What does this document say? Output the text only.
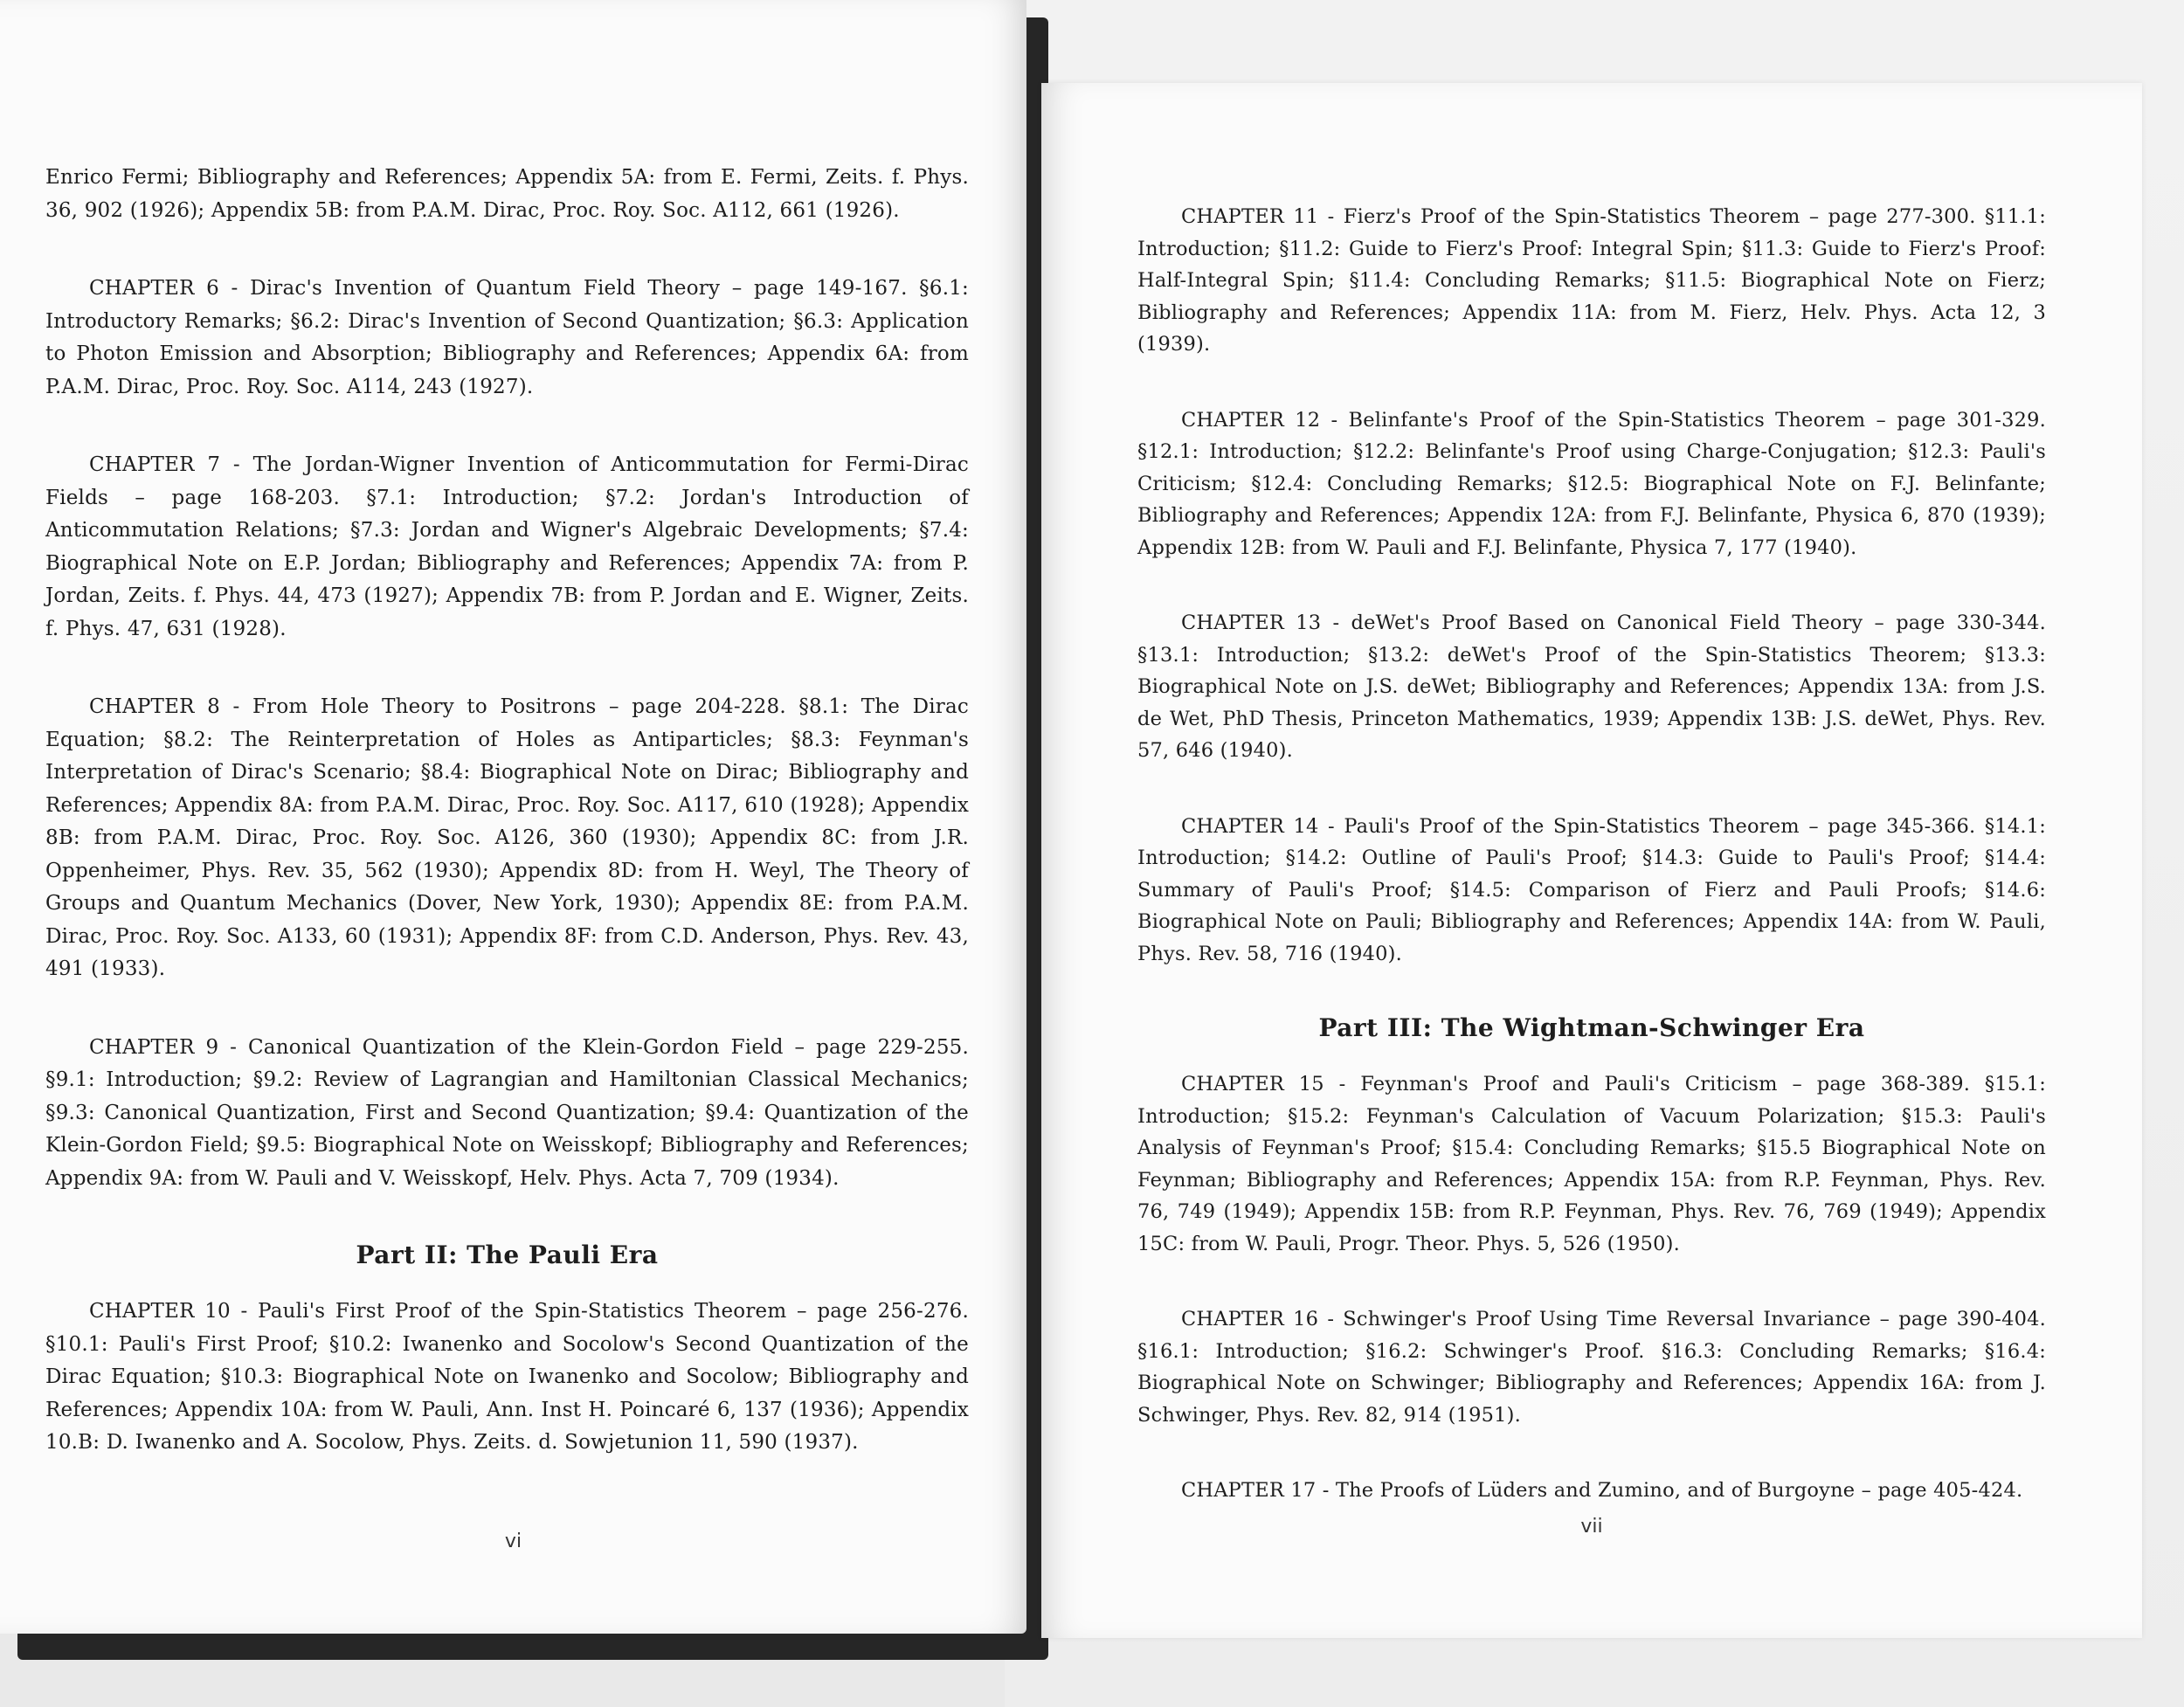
Enrico Fermi; Bibliography and References; Appendix 5A: from E. Fermi, Zeits. f. Phys. 36, 902 (1926); Appendix 5B: from P.A.M. Dirac, Proc. Roy. Soc. A112, 661 (1926).

CHAPTER 6 - Dirac's Invention of Quantum Field Theory – page 149-167. §6.1: Introductory Remarks; §6.2: Dirac's Invention of Second Quantization; §6.3: Application to Photon Emission and Absorption; Bibliography and References; Appendix 6A: from P.A.M. Dirac, Proc. Roy. Soc. A114, 243 (1927).

CHAPTER 7 - The Jordan-Wigner Invention of Anticommutation for Fermi-Dirac Fields – page 168-203. §7.1: Introduction; §7.2: Jordan's Introduction of Anticommutation Relations; §7.3: Jordan and Wigner's Algebraic Developments; §7.4: Biographical Note on E.P. Jordan; Bibliography and References; Appendix 7A: from P. Jordan, Zeits. f. Phys. 44, 473 (1927); Appendix 7B: from P. Jordan and E. Wigner, Zeits. f. Phys. 47, 631 (1928).

CHAPTER 8 - From Hole Theory to Positrons – page 204-228. §8.1: The Dirac Equation; §8.2: The Reinterpretation of Holes as Antiparticles; §8.3: Feynman's Interpretation of Dirac's Scenario; §8.4: Biographical Note on Dirac; Bibliography and References; Appendix 8A: from P.A.M. Dirac, Proc. Roy. Soc. A117, 610 (1928); Appendix 8B: from P.A.M. Dirac, Proc. Roy. Soc. A126, 360 (1930); Appendix 8C: from J.R. Oppenheimer, Phys. Rev. 35, 562 (1930); Appendix 8D: from H. Weyl, The Theory of Groups and Quantum Mechanics (Dover, New York, 1930); Appendix 8E: from P.A.M. Dirac, Proc. Roy. Soc. A133, 60 (1931); Appendix 8F: from C.D. Anderson, Phys. Rev. 43, 491 (1933).

CHAPTER 9 - Canonical Quantization of the Klein-Gordon Field – page 229-255. §9.1: Introduction; §9.2: Review of Lagrangian and Hamiltonian Classical Mechanics; §9.3: Canonical Quantization, First and Second Quantization; §9.4: Quantization of the Klein-Gordon Field; §9.5: Biographical Note on Weisskopf; Bibliography and References; Appendix 9A: from W. Pauli and V. Weisskopf, Helv. Phys. Acta 7, 709 (1934).

Part II: The Pauli Era

CHAPTER 10 - Pauli's First Proof of the Spin-Statistics Theorem – page 256-276. §10.1: Pauli's First Proof; §10.2: Iwanenko and Socolow's Second Quantization of the Dirac Equation; §10.3: Biographical Note on Iwanenko and Socolow; Bibliography and References; Appendix 10A: from W. Pauli, Ann. Inst H. Poincaré 6, 137 (1936); Appendix 10.B: D. Iwanenko and A. Socolow, Phys. Zeits. d. Sowjetunion 11, 590 (1937).

vi

CHAPTER 11 - Fierz's Proof of the Spin-Statistics Theorem – page 277-300. §11.1: Introduction; §11.2: Guide to Fierz's Proof: Integral Spin; §11.3: Guide to Fierz's Proof: Half-Integral Spin; §11.4: Concluding Remarks; §11.5: Biographical Note on Fierz; Bibliography and References; Appendix 11A: from M. Fierz, Helv. Phys. Acta 12, 3 (1939).

CHAPTER 12 - Belinfante's Proof of the Spin-Statistics Theorem – page 301-329. §12.1: Introduction; §12.2: Belinfante's Proof using Charge-Conjugation; §12.3: Pauli's Criticism; §12.4: Concluding Remarks; §12.5: Biographical Note on F.J. Belinfante; Bibliography and References; Appendix 12A: from F.J. Belinfante, Physica 6, 870 (1939); Appendix 12B: from W. Pauli and F.J. Belinfante, Physica 7, 177 (1940).

CHAPTER 13 - deWet's Proof Based on Canonical Field Theory – page 330-344. §13.1: Introduction; §13.2: deWet's Proof of the Spin-Statistics Theorem; §13.3: Biographical Note on J.S. deWet; Bibliography and References; Appendix 13A: from J.S. de Wet, PhD Thesis, Princeton Mathematics, 1939; Appendix 13B: J.S. deWet, Phys. Rev. 57, 646 (1940).

CHAPTER 14 - Pauli's Proof of the Spin-Statistics Theorem – page 345-366. §14.1: Introduction; §14.2: Outline of Pauli's Proof; §14.3: Guide to Pauli's Proof; §14.4: Summary of Pauli's Proof; §14.5: Comparison of Fierz and Pauli Proofs; §14.6: Biographical Note on Pauli; Bibliography and References; Appendix 14A: from W. Pauli, Phys. Rev. 58, 716 (1940).

Part III: The Wightman-Schwinger Era

CHAPTER 15 - Feynman's Proof and Pauli's Criticism – page 368-389. §15.1: Introduction; §15.2: Feynman's Calculation of Vacuum Polarization; §15.3: Pauli's Analysis of Feynman's Proof; §15.4: Concluding Remarks; §15.5 Biographical Note on Feynman; Bibliography and References; Appendix 15A: from R.P. Feynman, Phys. Rev. 76, 749 (1949); Appendix 15B: from R.P. Feynman, Phys. Rev. 76, 769 (1949); Appendix 15C: from W. Pauli, Progr. Theor. Phys. 5, 526 (1950).

CHAPTER 16 - Schwinger's Proof Using Time Reversal Invariance – page 390-404. §16.1: Introduction; §16.2: Schwinger's Proof. §16.3: Concluding Remarks; §16.4: Biographical Note on Schwinger; Bibliography and References; Appendix 16A: from J. Schwinger, Phys. Rev. 82, 914 (1951).

CHAPTER 17 - The Proofs of Lüders and Zumino, and of Burgoyne – page 405-424.

vii
